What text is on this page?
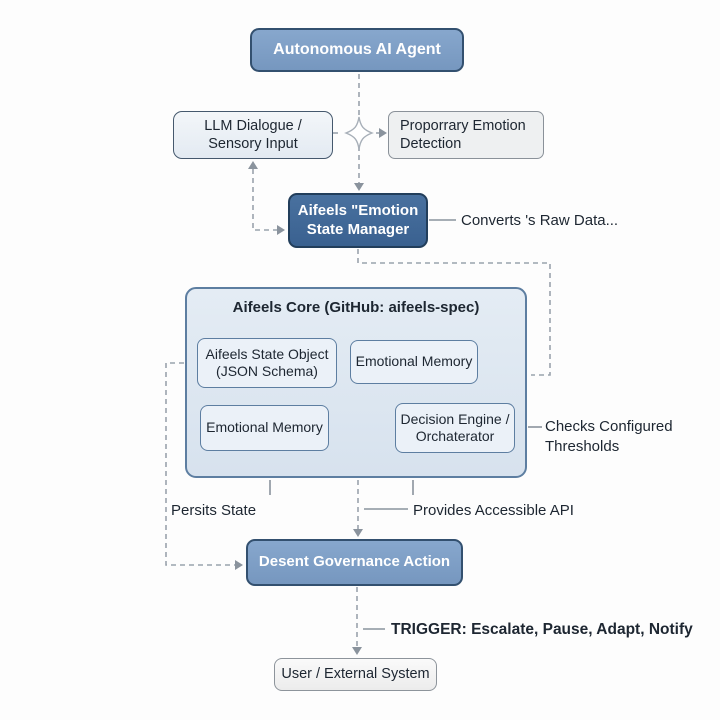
Autonomous AI Agent
LLM Dialogue /
Sensory Input
Proporrary Emotion
Detection
Aifeels "Emotion
State Manager
Aifeels Core (GitHub: aifeels-spec)
Aifeels State Object
(JSON Schema)
Emotional Memory
Emotional Memory
Decision Engine /
Orchaterator
Desent Governance Action
User / External System
Converts 's Raw Data...
Checks Configured
Thresholds
Persits State	Provides Accessible API
TRIGGER: Escalate, Pause, Adapt, Notify
